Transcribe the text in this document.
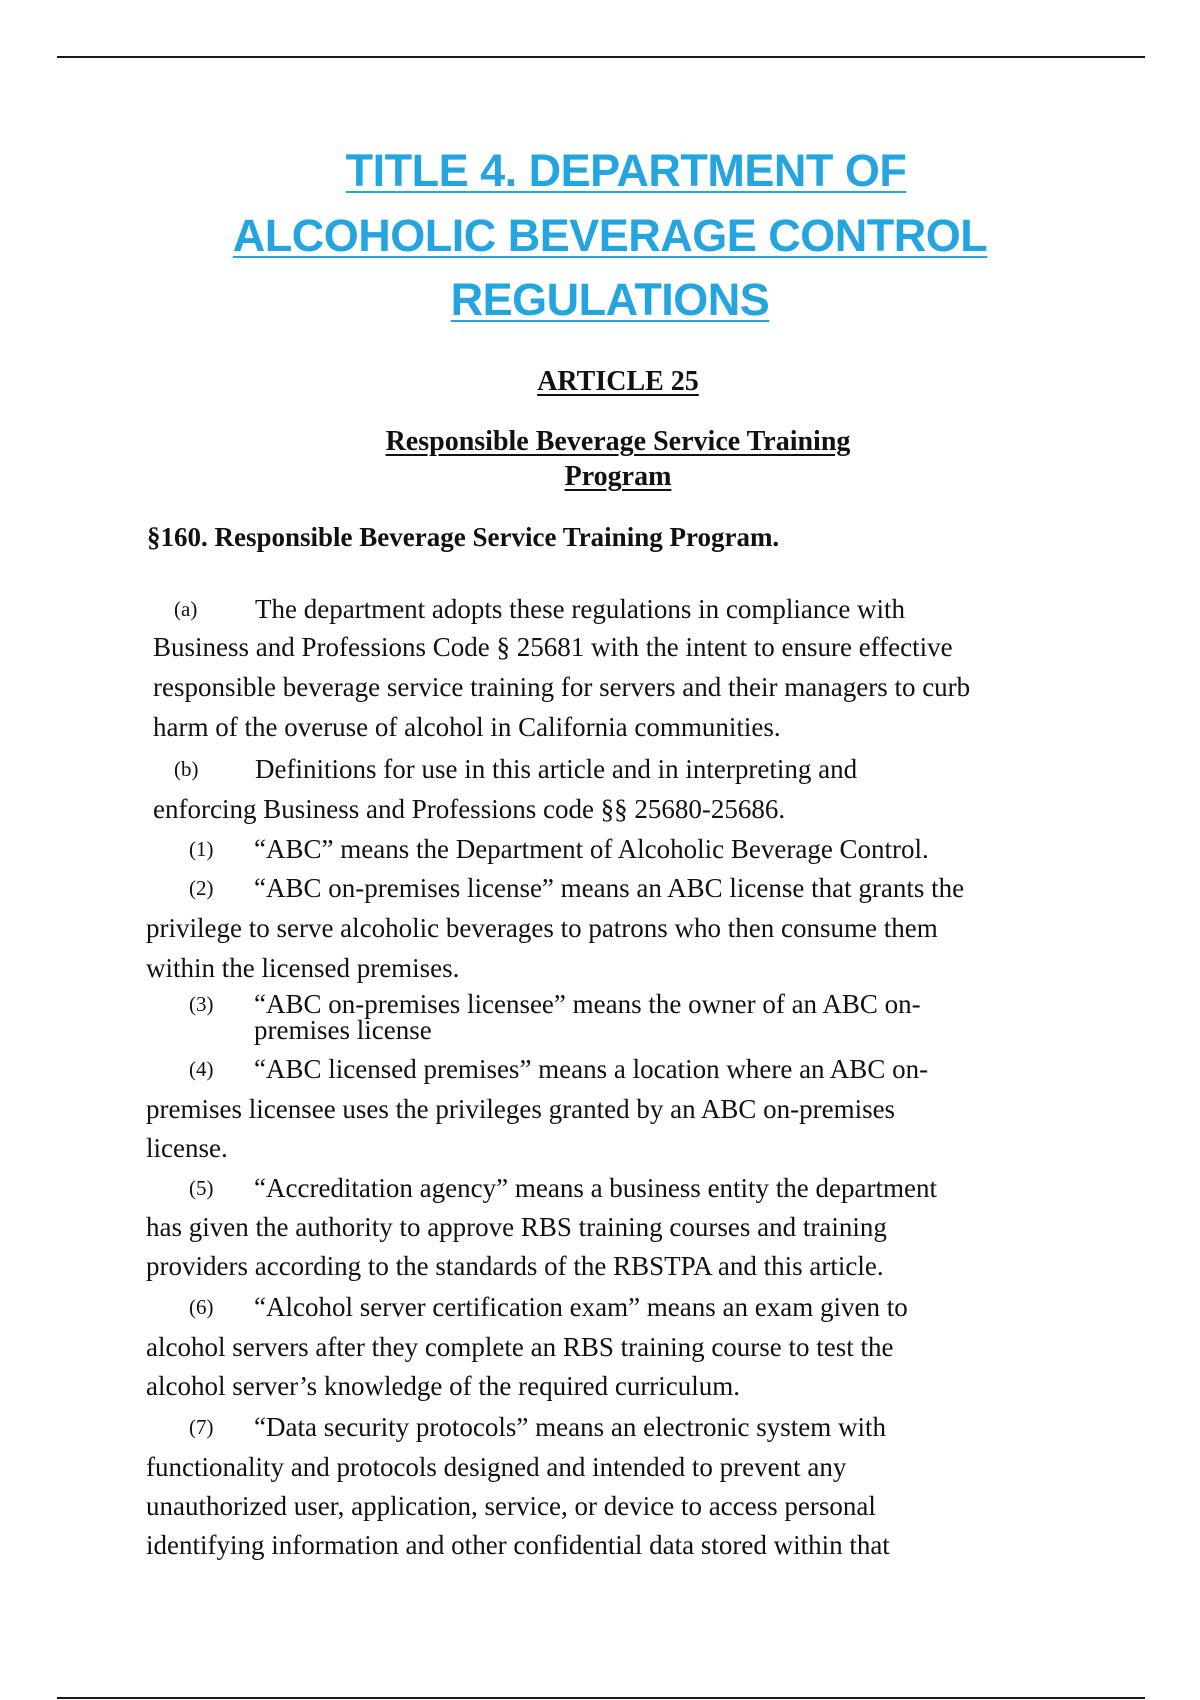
TITLE 4. DEPARTMENT OF
ALCOHOLIC BEVERAGE CONTROL
REGULATIONS
ARTICLE 25
Responsible Beverage Service Training
Program
§160. Responsible Beverage Service Training Program.
(a) The department adopts these regulations in compliance with
Business and Professions Code § 25681 with the intent to ensure effective
responsible beverage service training for servers and their managers to curb
harm of the overuse of alcohol in California communities.
(b) Definitions for use in this article and in interpreting and
enforcing Business and Professions code §§ 25680-25686.
(1) “ABC” means the Department of Alcoholic Beverage Control.
(2) “ABC on-premises license” means an ABC license that grants the
privilege to serve alcoholic beverages to patrons who then consume them
within the licensed premises.
(3) “ABC on-premises licensee” means the owner of an ABC on-
premises license
(4) “ABC licensed premises” means a location where an ABC on-
premises licensee uses the privileges granted by an ABC on-premises
license.
(5) “Accreditation agency” means a business entity the department
has given the authority to approve RBS training courses and training
providers according to the standards of the RBSTPA and this article.
(6) “Alcohol server certification exam” means an exam given to
alcohol servers after they complete an RBS training course to test the
alcohol server’s knowledge of the required curriculum.
(7) “Data security protocols” means an electronic system with
functionality and protocols designed and intended to prevent any
unauthorized user, application, service, or device to access personal
identifying information and other confidential data stored within that
